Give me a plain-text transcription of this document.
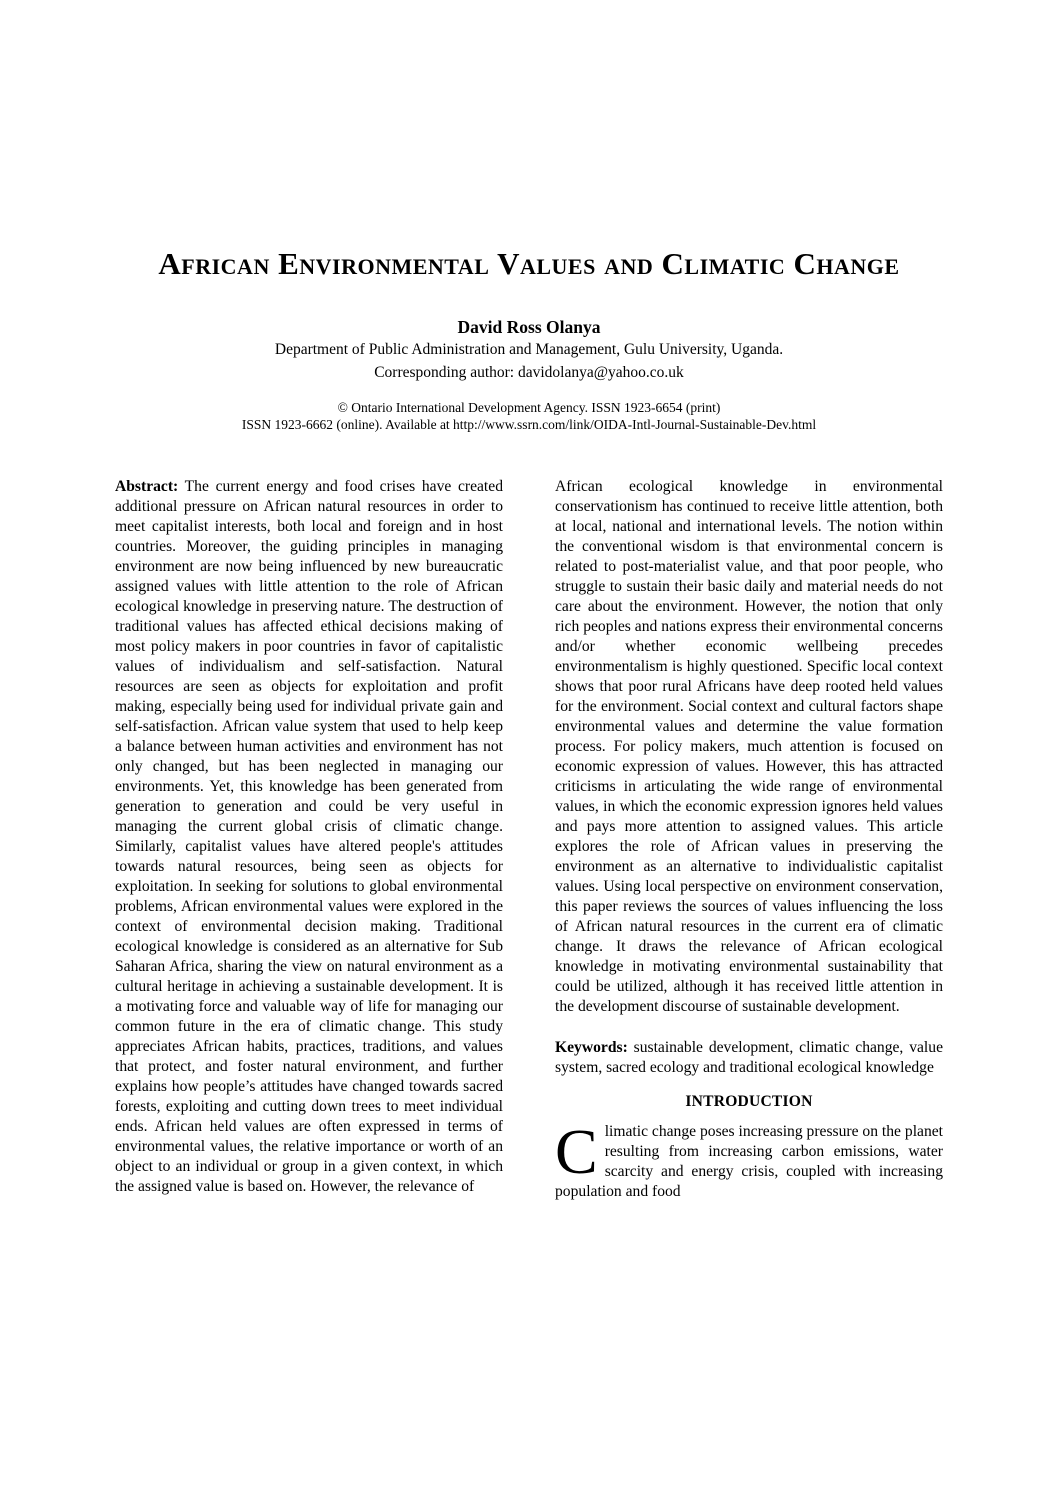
African Environmental Values and Climatic Change
David Ross Olanya
Department of Public Administration and Management, Gulu University, Uganda.
Corresponding author: davidolanya@yahoo.co.uk
© Ontario International Development Agency. ISSN 1923-6654 (print)
ISSN 1923-6662 (online). Available at http://www.ssrn.com/link/OIDA-Intl-Journal-Sustainable-Dev.html

Abstract: The current energy and food crises have created additional pressure on African natural resources in order to meet capitalist interests, both local and foreign and in host countries. Moreover, the guiding principles in managing environment are now being influenced by new bureaucratic assigned values with little attention to the role of African ecological knowledge in preserving nature. The destruction of traditional values has affected ethical decisions making of most policy makers in poor countries in favor of capitalistic values of individualism and self-satisfaction. Natural resources are seen as objects for exploitation and profit making, especially being used for individual private gain and self-satisfaction. African value system that used to help keep a balance between human activities and environment has not only changed, but has been neglected in managing our environments. Yet, this knowledge has been generated from generation to generation and could be very useful in managing the current global crisis of climatic change. Similarly, capitalist values have altered people's attitudes towards natural resources, being seen as objects for exploitation. In seeking for solutions to global environmental problems, African environmental values were explored in the context of environmental decision making. Traditional ecological knowledge is considered as an alternative for Sub Saharan Africa, sharing the view on natural environment as a cultural heritage in achieving a sustainable development. It is a motivating force and valuable way of life for managing our common future in the era of climatic change. This study appreciates African habits, practices, traditions, and values that protect, and foster natural environment, and further explains how people’s attitudes have changed towards sacred forests, exploiting and cutting down trees to meet individual ends. African held values are often expressed in terms of environmental values, the relative importance or worth of an object to an individual or group in a given context, in which the assigned value is based on. However, the relevance of

African ecological knowledge in environmental conservationism has continued to receive little attention, both at local, national and international levels. The notion within the conventional wisdom is that environmental concern is related to post-materialist value, and that poor people, who struggle to sustain their basic daily and material needs do not care about the environment. However, the notion that only rich peoples and nations express their environmental concerns and/or whether economic wellbeing precedes environmentalism is highly questioned. Specific local context shows that poor rural Africans have deep rooted held values for the environment. Social context and cultural factors shape environmental values and determine the value formation process. For policy makers, much attention is focused on economic expression of values. However, this has attracted criticisms in articulating the wide range of environmental values, in which the economic expression ignores held values and pays more attention to assigned values. This article explores the role of African values in preserving the environment as an alternative to individualistic capitalist values. Using local perspective on environment conservation, this paper reviews the sources of values influencing the loss of African natural resources in the current era of climatic change. It draws the relevance of African ecological knowledge in motivating environmental sustainability that could be utilized, although it has received little attention in the development discourse of sustainable development.

Keywords: sustainable development, climatic change, value system, sacred ecology and traditional ecological knowledge

INTRODUCTION

Climatic change poses increasing pressure on the planet resulting from increasing carbon emissions, water scarcity and energy crisis, coupled with increasing population and food
